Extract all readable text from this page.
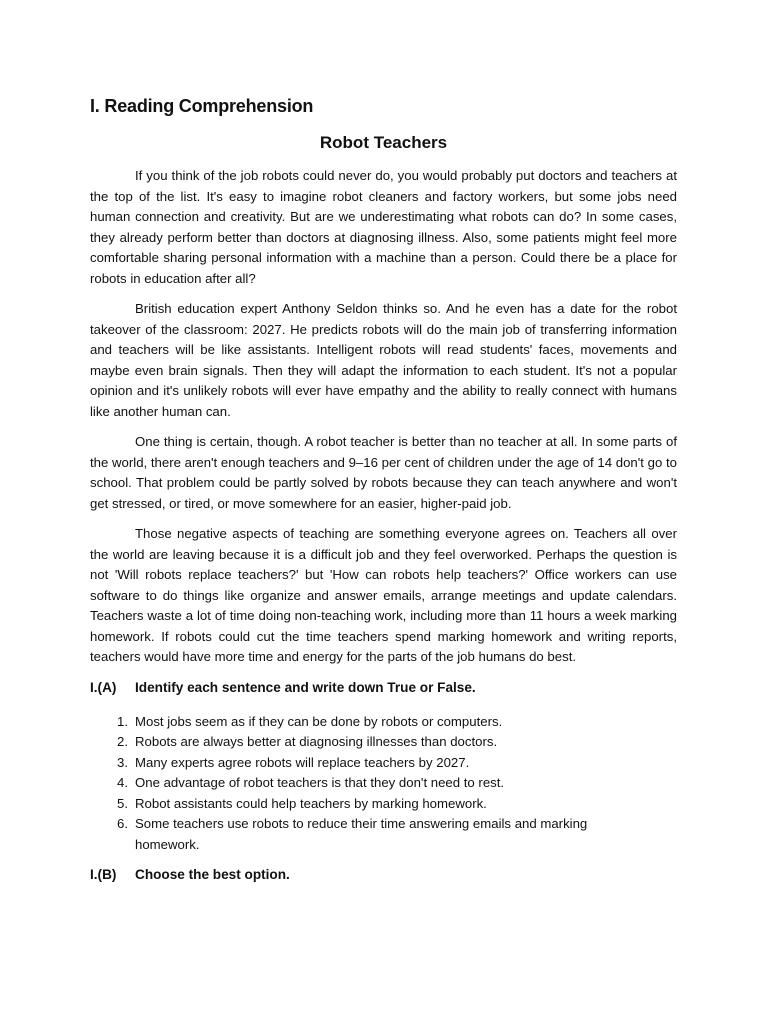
I. Reading Comprehension
Robot Teachers

If you think of the job robots could never do, you would probably put doctors and teachers at the top of the list. It's easy to imagine robot cleaners and factory workers, but some jobs need human connection and creativity. But are we underestimating what robots can do? In some cases, they already perform better than doctors at diagnosing illness. Also, some patients might feel more comfortable sharing personal information with a machine than a person. Could there be a place for robots in education after all?

British education expert Anthony Seldon thinks so. And he even has a date for the robot takeover of the classroom: 2027. He predicts robots will do the main job of transferring information and teachers will be like assistants. Intelligent robots will read students' faces, movements and maybe even brain signals. Then they will adapt the information to each student. It's not a popular opinion and it's unlikely robots will ever have empathy and the ability to really connect with humans like another human can.

One thing is certain, though. A robot teacher is better than no teacher at all. In some parts of the world, there aren't enough teachers and 9–16 per cent of children under the age of 14 don't go to school. That problem could be partly solved by robots because they can teach anywhere and won't get stressed, or tired, or move somewhere for an easier, higher-paid job.

Those negative aspects of teaching are something everyone agrees on. Teachers all over the world are leaving because it is a difficult job and they feel overworked. Perhaps the question is not 'Will robots replace teachers?' but 'How can robots help teachers?' Office workers can use software to do things like organize and answer emails, arrange meetings and update calendars. Teachers waste a lot of time doing non-teaching work, including more than 11 hours a week marking homework. If robots could cut the time teachers spend marking homework and writing reports, teachers would have more time and energy for the parts of the job humans do best.

I.(A)	Identify each sentence and write down True or False.
1. Most jobs seem as if they can be done by robots or computers.
2. Robots are always better at diagnosing illnesses than doctors.
3. Many experts agree robots will replace teachers by 2027.
4. One advantage of robot teachers is that they don't need to rest.
5. Robot assistants could help teachers by marking homework.
6. Some teachers use robots to reduce their time answering emails and marking homework.
I.(B)	Choose the best option.
